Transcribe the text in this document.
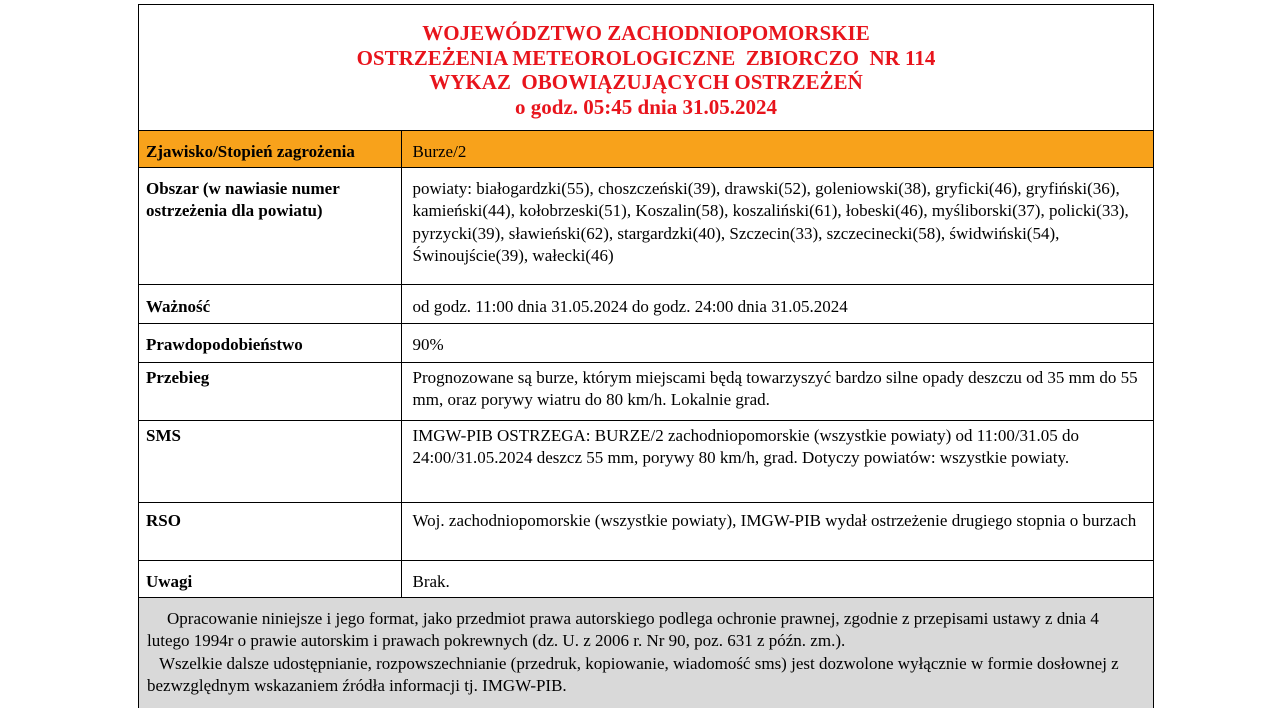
WOJEWÓDZTWO ZACHODNIOPOMORSKIE
OSTRZEŻENIA METEOROLOGICZNE  ZBIORCZO  NR 114
WYKAZ  OBOWIĄZUJĄCYCH OSTRZEŻEŃ
o godz. 05:45 dnia 31.05.2024
Zjawisko/Stopień zagrożenia	Burze/2
Obszar (w nawiasie numer ostrzeżenia dla powiatu)	powiaty: białogardzki(55), choszczeński(39), drawski(52), goleniowski(38), gryficki(46), gryfiński(36), kamieński(44), kołobrzeski(51), Koszalin(58), koszaliński(61), łobeski(46), myśliborski(37), policki(33), pyrzycki(39), sławieński(62), stargardzki(40), Szczecin(33), szczecinecki(58), świdwiński(54), Świnoujście(39), wałecki(46)
Ważność	od godz. 11:00 dnia 31.05.2024 do godz. 24:00 dnia 31.05.2024
Prawdopodobieństwo	90%
Przebieg	Prognozowane są burze, którym miejscami będą towarzyszyć bardzo silne opady deszczu od 35 mm do 55 mm, oraz porywy wiatru do 80 km/h. Lokalnie grad.
SMS	IMGW-PIB OSTRZEGA: BURZE/2 zachodniopomorskie (wszystkie powiaty) od 11:00/31.05 do 24:00/31.05.2024 deszcz 55 mm, porywy 80 km/h, grad. Dotyczy powiatów: wszystkie powiaty.
RSO	Woj. zachodniopomorskie (wszystkie powiaty), IMGW-PIB wydał ostrzeżenie drugiego stopnia o burzach
Uwagi	Brak.

Opracowanie niniejsze i jego format, jako przedmiot prawa autorskiego podlega ochronie prawnej, zgodnie z przepisami ustawy z dnia 4 lutego 1994r o prawie autorskim i prawach pokrewnych (dz. U. z 2006 r. Nr 90, poz. 631 z późn. zm.).

Wszelkie dalsze udostępnianie, rozpowszechnianie (przedruk, kopiowanie, wiadomość sms) jest dozwolone wyłącznie w formie dosłownej z bezwzględnym wskazaniem źródła informacji tj. IMGW-PIB.
